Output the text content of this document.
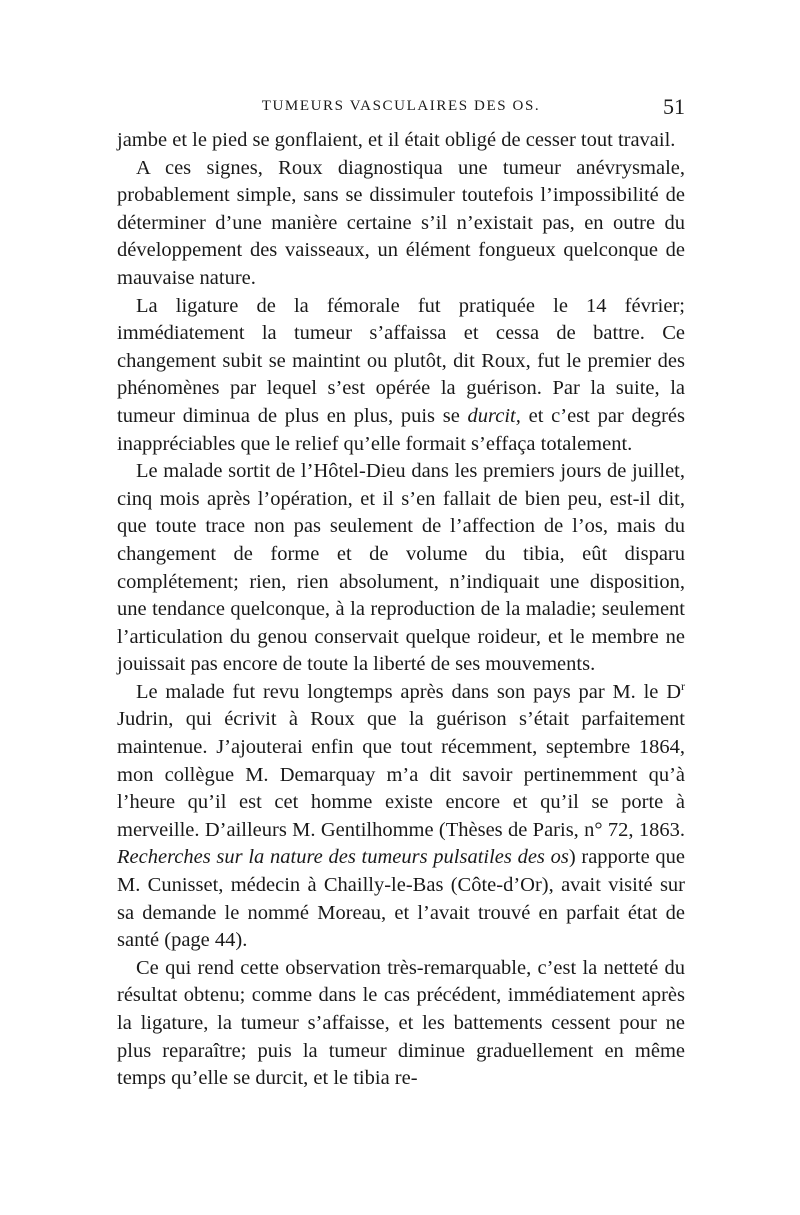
TUMEURS VASCULAIRES DES OS.	51

jambe et le pied se gonflaient, et il était obligé de cesser tout travail.

A ces signes, Roux diagnostiqua une tumeur anévrysmale, probablement simple, sans se dissimuler toutefois l’impossibilité de déterminer d’une manière certaine s’il n’existait pas, en outre du développement des vaisseaux, un élément fongueux quelconque de mauvaise nature.

La ligature de la fémorale fut pratiquée le 14 février; immédiatement la tumeur s’affaissa et cessa de battre. Ce changement subit se maintint ou plutôt, dit Roux, fut le premier des phénomènes par lequel s’est opérée la guérison. Par la suite, la tumeur diminua de plus en plus, puis se durcit, et c’est par degrés inappréciables que le relief qu’elle formait s’effaça totalement.

Le malade sortit de l’Hôtel-Dieu dans les premiers jours de juillet, cinq mois après l’opération, et il s’en fallait de bien peu, est-il dit, que toute trace non pas seulement de l’affection de l’os, mais du changement de forme et de volume du tibia, eût disparu complétement; rien, rien absolument, n’indiquait une disposition, une tendance quelconque, à la reproduction de la maladie; seulement l’articulation du genou conservait quelque roideur, et le membre ne jouissait pas encore de toute la liberté de ses mouvements.

Le malade fut revu longtemps après dans son pays par M. le $D^r$ Judrin, qui écrivit à Roux que la guérison s’était parfaitement maintenue. J’ajouterai enfin que tout récemment, septembre 1864, mon collègue M. Demarquay m’a dit savoir pertinemment qu’à l’heure qu’il est cet homme existe encore et qu’il se porte à merveille. D’ailleurs M. Gentilhomme (Thèses de Paris, n° 72, 1863. Recherches sur la nature des tumeurs pulsatiles des os) rapporte que M. Cunisset, médecin à Chailly-le-Bas (Côte-d’Or), avait visité sur sa demande le nommé Moreau, et l’avait trouvé en parfait état de santé (page 44).

Ce qui rend cette observation très-remarquable, c’est la netteté du résultat obtenu; comme dans le cas précédent, immédiatement après la ligature, la tumeur s’affaisse, et les battements cessent pour ne plus reparaître; puis la tumeur diminue graduellement en même temps qu’elle se durcit, et le tibia re-
